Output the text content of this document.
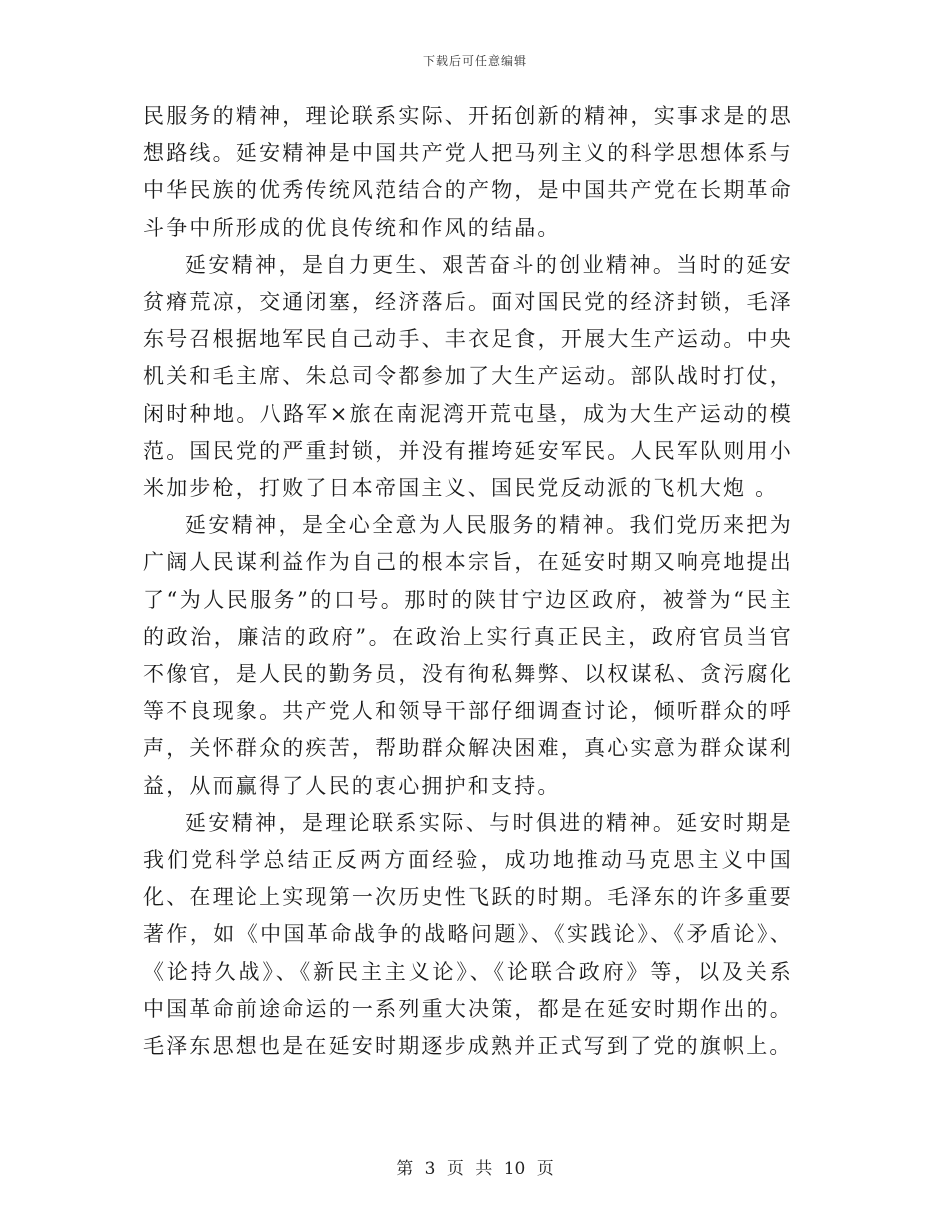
下载后可任意编辑

民服务的精神，理论联系实际、开拓创新的精神，实事求是的思想路线。延安精神是中国共产党人把马列主义的科学思想体系与中华民族的优秀传统风范结合的产物，是中国共产党在长期革命斗争中所形成的优良传统和作风的结晶。

延安精神，是自力更生、艰苦奋斗的创业精神。当时的延安贫瘠荒凉，交通闭塞，经济落后。面对国民党的经济封锁，毛泽东号召根据地军民自己动手、丰衣足食，开展大生产运动。中央机关和毛主席、朱总司令都参加了大生产运动。部队战时打仗，闲时种地。八路军×旅在南泥湾开荒屯垦，成为大生产运动的模范。国民党的严重封锁，并没有摧垮延安军民。人民军队则用小米加步枪，打败了日本帝国主义、国民党反动派的飞机大炮 。

延安精神，是全心全意为人民服务的精神。我们党历来把为广阔人民谋利益作为自己的根本宗旨，在延安时期又响亮地提出了“为人民服务”的口号。那时的陕甘宁边区政府，被誉为“民主的政治，廉洁的政府”。在政治上实行真正民主，政府官员当官不像官，是人民的勤务员，没有徇私舞弊、以权谋私、贪污腐化等不良现象。共产党人和领导干部仔细调查讨论，倾听群众的呼声，关怀群众的疾苦，帮助群众解决困难，真心实意为群众谋利益，从而赢得了人民的衷心拥护和支持。

延安精神，是理论联系实际、与时俱进的精神。延安时期是我们党科学总结正反两方面经验，成功地推动马克思主义中国化、在理论上实现第一次历史性飞跃的时期。毛泽东的许多重要著作，如《中国革命战争的战略问题》、《实践论》、《矛盾论》、《论持久战》、《新民主主义论》、《论联合政府》等，以及关系中国革命前途命运的一系列重大决策，都是在延安时期作出的。毛泽东思想也是在延安时期逐步成熟并正式写到了党的旗帜上。

第 3 页 共 10 页
